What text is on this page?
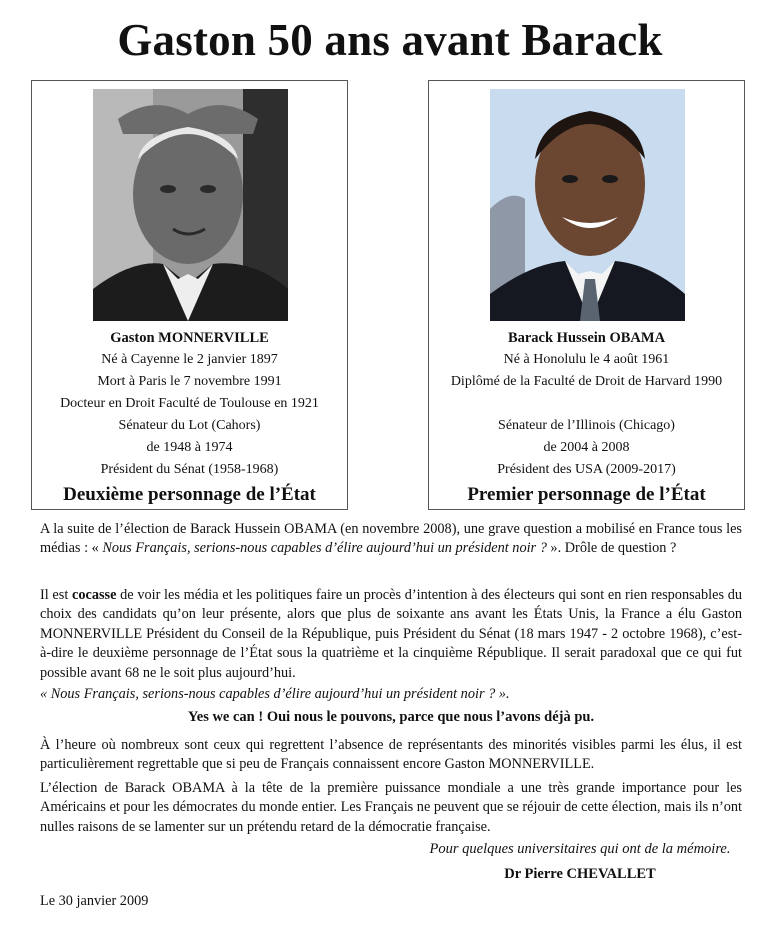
Gaston 50 ans avant Barack
Gaston MONNERVILLE
Né à Cayenne le 2 janvier 1897
Mort à Paris le 7 novembre 1991
Docteur en Droit Faculté de Toulouse en 1921
Sénateur du Lot (Cahors)
de 1948 à 1974
Président du Sénat (1958-1968)
Deuxième personnage de l’État
Barack Hussein OBAMA
Né à Honolulu le 4 août 1961
Diplômé de la Faculté de Droit de Harvard 1990
Sénateur de l’Illinois (Chicago)
de 2004 à 2008
Président des USA (2009-2017)
Premier personnage de l’État
A la suite de l’élection de Barack Hussein OBAMA (en novembre 2008), une grave question a mobilisé en France tous les médias : « Nous Français, serions-nous capables d’élire aujourd’hui un président noir ? ». Drôle de question ?
Il est cocasse de voir les média et les politiques faire un procès d’intention à des électeurs qui sont en rien responsables du choix des candidats qu’on leur présente, alors que plus de soixante ans avant les États Unis, la France a élu Gaston MONNERVILLE Président du Conseil de la République, puis Président du Sénat (18 mars 1947 - 2 octobre 1968), c’est-à-dire le deuxième personnage de l’État sous la quatrième et la cinquième République. Il serait paradoxal que ce qui fut possible avant 68 ne le soit plus aujourd’hui.
« Nous Français, serions-nous capables d’élire aujourd’hui un président noir ? ».
Yes we can ! Oui nous le pouvons, parce que nous l’avons déjà pu.
À l’heure où nombreux sont ceux qui regrettent l’absence de représentants des minorités visibles parmi les élus, il est particulièrement regrettable que si peu de Français connaissent encore Gaston MONNERVILLE.
L’élection de Barack OBAMA à la tête de la première puissance mondiale a une très grande importance pour les Américains et pour les démocrates du monde entier. Les Français ne peuvent que se réjouir de cette élection, mais ils n’ont nulles raisons de se lamenter sur un prétendu retard de la démocratie française.
Pour quelques universitaires qui ont de la mémoire.
Dr Pierre CHEVALLET
Le 30 janvier 2009
